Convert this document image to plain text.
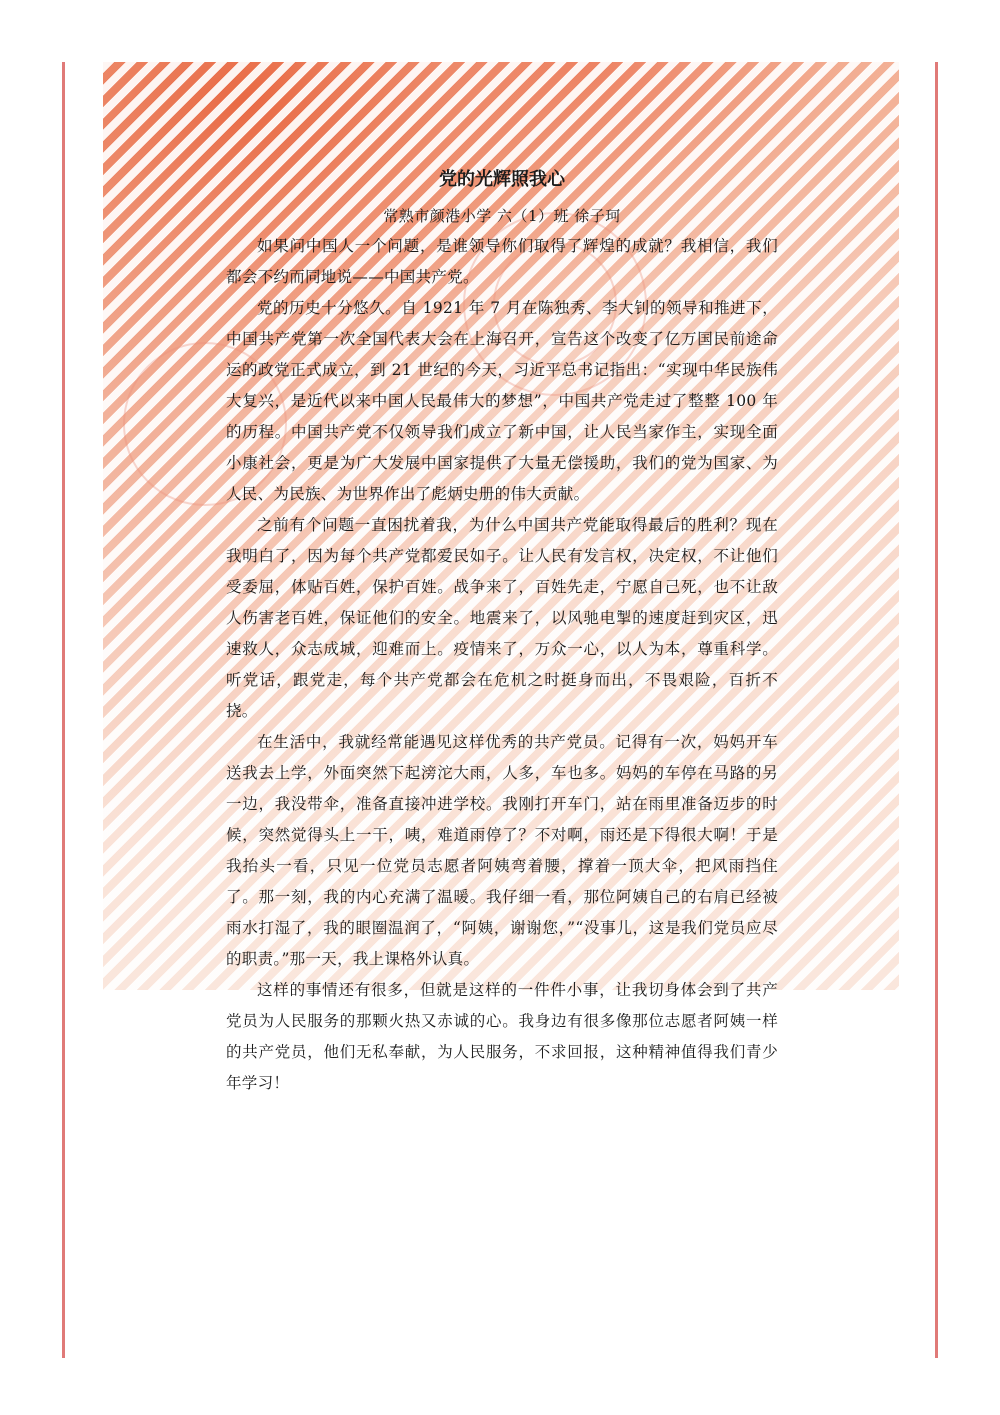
党的光辉照我心

常熟市颜港小学 六（1）班 徐子珂

如果问中国人一个问题，是谁领导你们取得了辉煌的成就？我相信，我们都会不约而同地说——中国共产党。

党的历史十分悠久。自 1921 年 7 月在陈独秀、李大钊的领导和推进下，中国共产党第一次全国代表大会在上海召开，宣告这个改变了亿万国民前途命运的政党正式成立，到 21 世纪的今天，习近平总书记指出：“实现中华民族伟大复兴，是近代以来中国人民最伟大的梦想”，中国共产党走过了整整 100 年的历程。中国共产党不仅领导我们成立了新中国，让人民当家作主，实现全面小康社会，更是为广大发展中国家提供了大量无偿援助，我们的党为国家、为人民、为民族、为世界作出了彪炳史册的伟大贡献。

之前有个问题一直困扰着我，为什么中国共产党能取得最后的胜利？现在我明白了，因为每个共产党都爱民如子。让人民有发言权，决定权，不让他们受委屈，体贴百姓，保护百姓。战争来了，百姓先走，宁愿自己死，也不让敌人伤害老百姓，保证他们的安全。地震来了，以风驰电掣的速度赶到灾区，迅速救人，众志成城，迎难而上。疫情来了，万众一心，以人为本，尊重科学。听党话，跟党走，每个共产党都会在危机之时挺身而出，不畏艰险，百折不挠。

在生活中，我就经常能遇见这样优秀的共产党员。记得有一次，妈妈开车送我去上学，外面突然下起滂沱大雨，人多，车也多。妈妈的车停在马路的另一边，我没带伞，准备直接冲进学校。我刚打开车门，站在雨里准备迈步的时候，突然觉得头上一干，咦，难道雨停了？不对啊，雨还是下得很大啊！于是我抬头一看，只见一位党员志愿者阿姨弯着腰，撑着一顶大伞，把风雨挡住了。那一刻，我的内心充满了温暖。我仔细一看，那位阿姨自己的右肩已经被雨水打湿了，我的眼圈温润了，“阿姨，谢谢您，”“没事儿，这是我们党员应尽的职责。”那一天，我上课格外认真。

这样的事情还有很多，但就是这样的一件件小事，让我切身体会到了共产党员为人民服务的那颗火热又赤诚的心。我身边有很多像那位志愿者阿姨一样的共产党员，他们无私奉献，为人民服务，不求回报，这种精神值得我们青少年学习！
